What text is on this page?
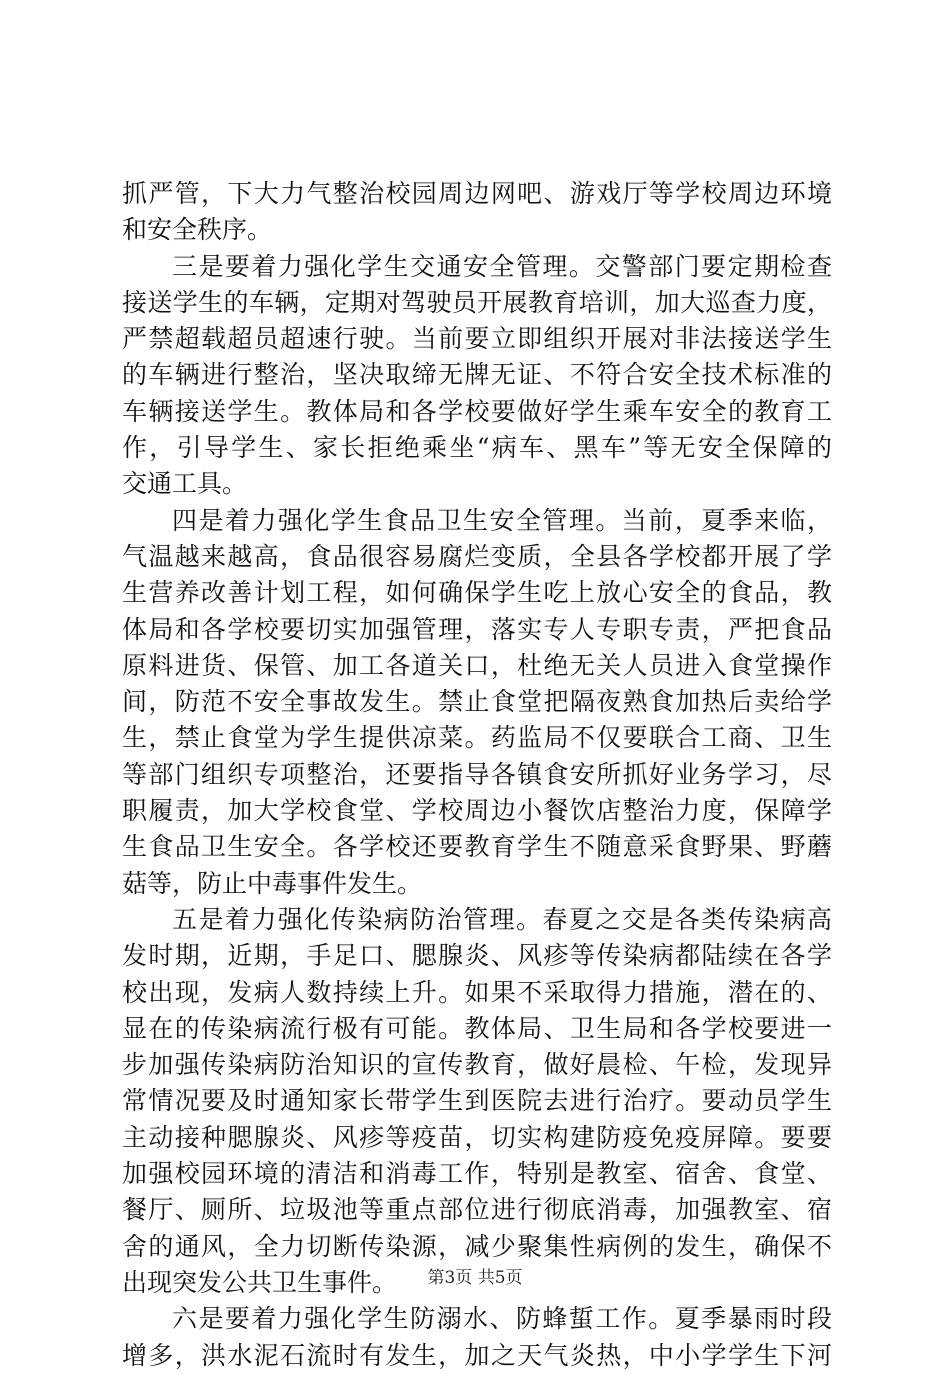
抓严管，下大力气整治校园周边网吧、游戏厅等学校周边环境
和安全秩序。
三是要着力强化学生交通安全管理。交警部门要定期检查
接送学生的车辆，定期对驾驶员开展教育培训，加大巡查力度，
严禁超载超员超速行驶。当前要立即组织开展对非法接送学生
的车辆进行整治，坚决取缔无牌无证、不符合安全技术标准的
车辆接送学生。教体局和各学校要做好学生乘车安全的教育工
作，引导学生、家长拒绝乘坐“病车、黑车”等无安全保障的
交通工具。
四是着力强化学生食品卫生安全管理。当前，夏季来临，
气温越来越高，食品很容易腐烂变质，全县各学校都开展了学
生营养改善计划工程，如何确保学生吃上放心安全的食品，教
体局和各学校要切实加强管理，落实专人专职专责，严把食品
原料进货、保管、加工各道关口，杜绝无关人员进入食堂操作
间，防范不安全事故发生。禁止食堂把隔夜熟食加热后卖给学
生，禁止食堂为学生提供凉菜。药监局不仅要联合工商、卫生
等部门组织专项整治，还要指导各镇食安所抓好业务学习，尽
职履责，加大学校食堂、学校周边小餐饮店整治力度，保障学
生食品卫生安全。各学校还要教育学生不随意采食野果、野蘑
菇等，防止中毒事件发生。
五是着力强化传染病防治管理。春夏之交是各类传染病高
发时期，近期，手足口、腮腺炎、风疹等传染病都陆续在各学
校出现，发病人数持续上升。如果不采取得力措施，潜在的、
显在的传染病流行极有可能。教体局、卫生局和各学校要进一
步加强传染病防治知识的宣传教育，做好晨检、午检，发现异
常情况要及时通知家长带学生到医院去进行治疗。要动员学生
主动接种腮腺炎、风疹等疫苗，切实构建防疫免疫屏障。要要
加强校园环境的清洁和消毒工作，特别是教室、宿舍、食堂、
餐厅、厕所、垃圾池等重点部位进行彻底消毒，加强教室、宿
舍的通风，全力切断传染源，减少聚集性病例的发生，确保不
出现突发公共卫生事件。
六是要着力强化学生防溺水、防蜂蜇工作。夏季暴雨时段
增多，洪水泥石流时有发生，加之天气炎热，中小学学生下河
第3页 共5页
